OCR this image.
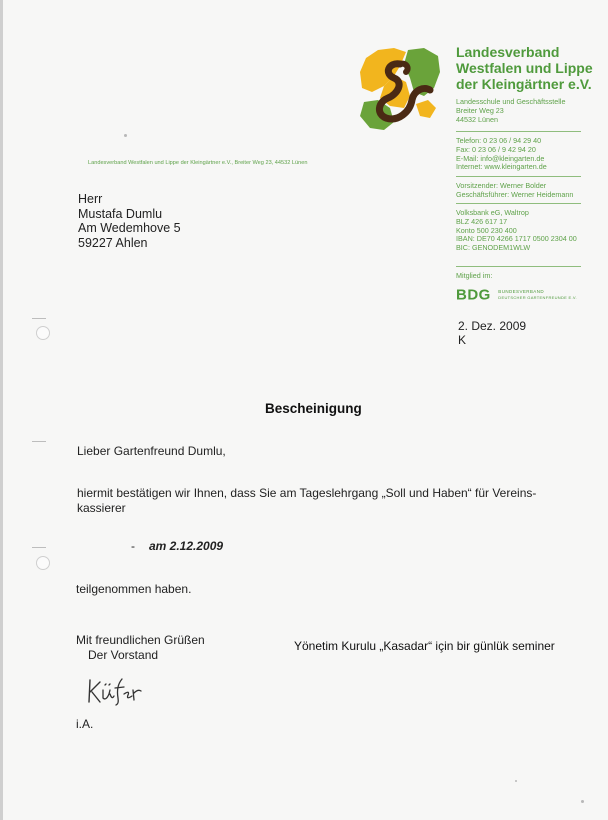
Landesverband
Westfalen und Lippe
der Kleingärtner e.V.
Landesschule und Geschäftsstelle
Breiter Weg 23
44532 Lünen
Telefon: 0 23 06 / 94 29 40
Fax: 0 23 06 / 9 42 94 20
E-Mail: info@kleingarten.de
Internet: www.kleingarten.de
Vorsitzender: Werner Bolder
Geschäftsführer: Werner Heidemann
Volksbank eG, Waltrop
BLZ 426 617 17
Konto 500 230 400
IBAN: DE70 4266 1717 0500 2304 00
BIC: GENODEM1WLW
Mitglied im:
BDG BUNDESVERBAND
DEUTSCHER GARTENFREUNDE E.V.
Landesverband Westfalen und Lippe der Kleingärtner e.V., Breiter Weg 23, 44532 Lünen
Herr
Mustafa Dumlu
Am Wedemhove 5
59227 Ahlen
2. Dez. 2009
K
Bescheinigung
Lieber Gartenfreund Dumlu,
hiermit bestätigen wir Ihnen, dass Sie am Tageslehrgang „Soll und Haben“ für Vereins-
kassierer
- am 2.12.2009
teilgenommen haben.
Mit freundlichen Grüßen
Der Vorstand
Yönetim Kurulu „Kasadar“ için bir günlük seminer
i.A.
